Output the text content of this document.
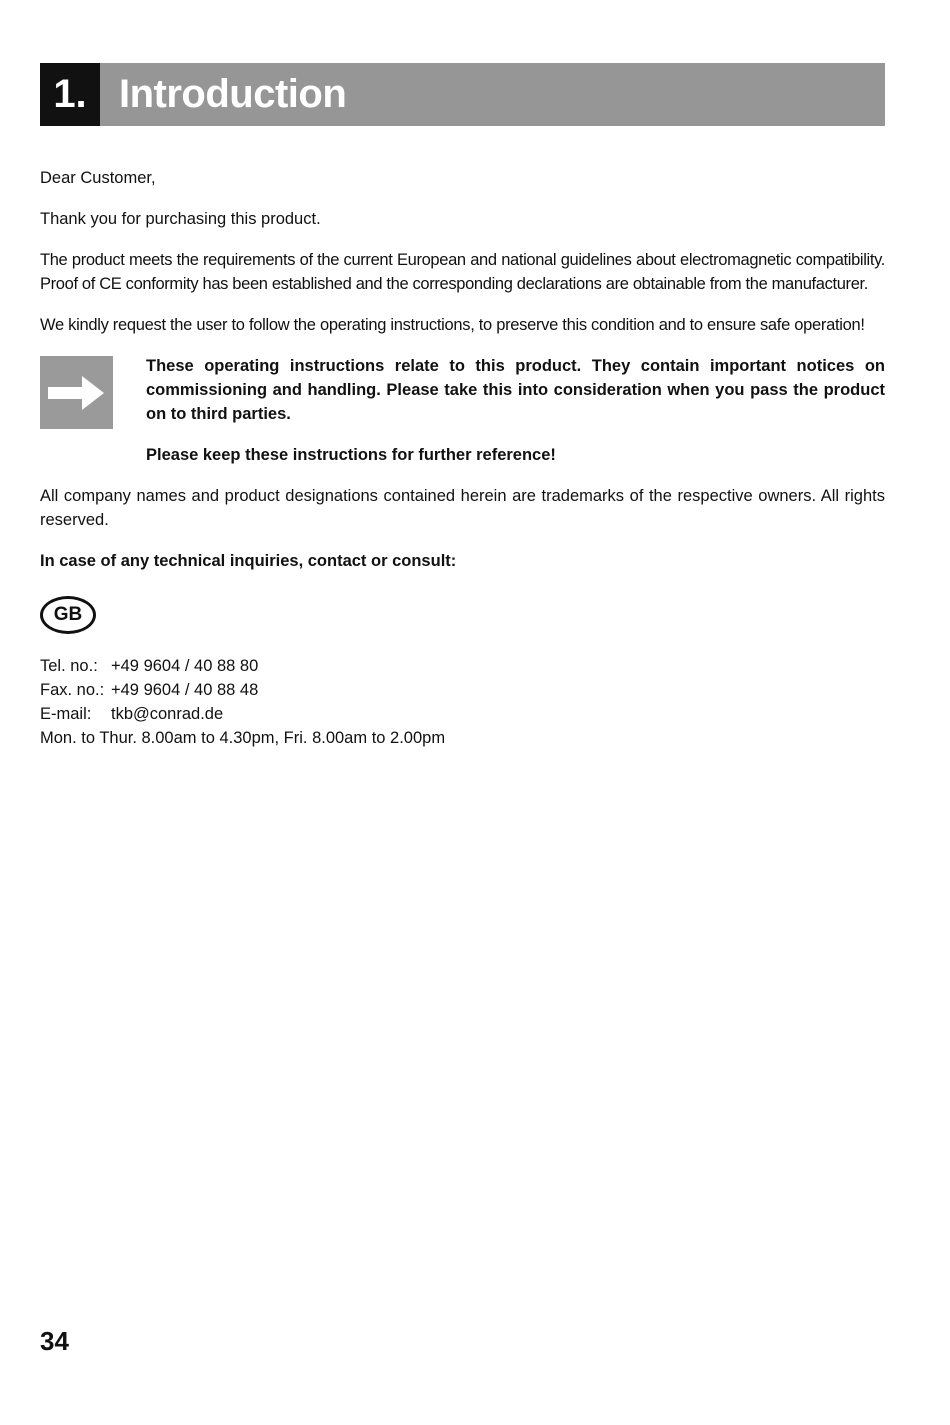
1. Introduction

Dear Customer,

Thank you for purchasing this product.

The product meets the requirements of the current European and national guidelines about electromagnetic compatibility. Proof of CE conformity has been established and the corresponding declarations are obtainable from the manufacturer.

We kindly request the user to follow the operating instructions, to preserve this condition and to ensure safe operation!

These operating instructions relate to this product. They contain important notices on commissioning and handling. Please take this into consideration when you pass the product on to third parties.

Please keep these instructions for further reference!

All company names and product designations contained herein are trademarks of the respective owners. All rights reserved.

In case of any technical inquiries, contact or consult:

GB
Tel. no.: +49 9604 / 40 88 80
Fax. no.: +49 9604 / 40 88 48
E-mail:	tkb@conrad.de
Mon. to Thur. 8.00am to 4.30pm, Fri. 8.00am to 2.00pm
34
